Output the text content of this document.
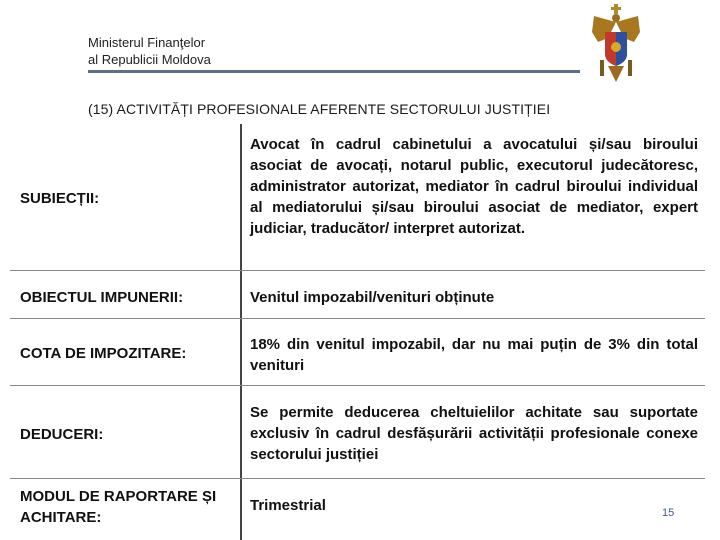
Ministerul Finanţelor
al Republicii Moldova
(15) ACTIVITĂȚI PROFESIONALE AFERENTE SECTORULUI JUSTIȚIEI
SUBIECȚII:
Avocat în cadrul cabinetului a avocatului și/sau biroului asociat de avocați, notarul public, executorul judecătoresc, administrator autorizat, mediator în cadrul biroului individual al mediatorului și/sau biroului asociat de mediator, expert judiciar, traducător/ interpret autorizat.
OBIECTUL IMPUNERII:	Venitul impozabil/venituri obținute
COTA DE IMPOZITARE:
18% din venitul impozabil, dar nu mai puțin de 3% din total venituri
DEDUCERI:
Se permite deducerea cheltuielilor achitate sau suportate exclusiv în cadrul desfășurării activității profesionale conexe sectorului justiției
MODUL DE RAPORTARE ȘI ACHITARE:
Trimestrial	15
